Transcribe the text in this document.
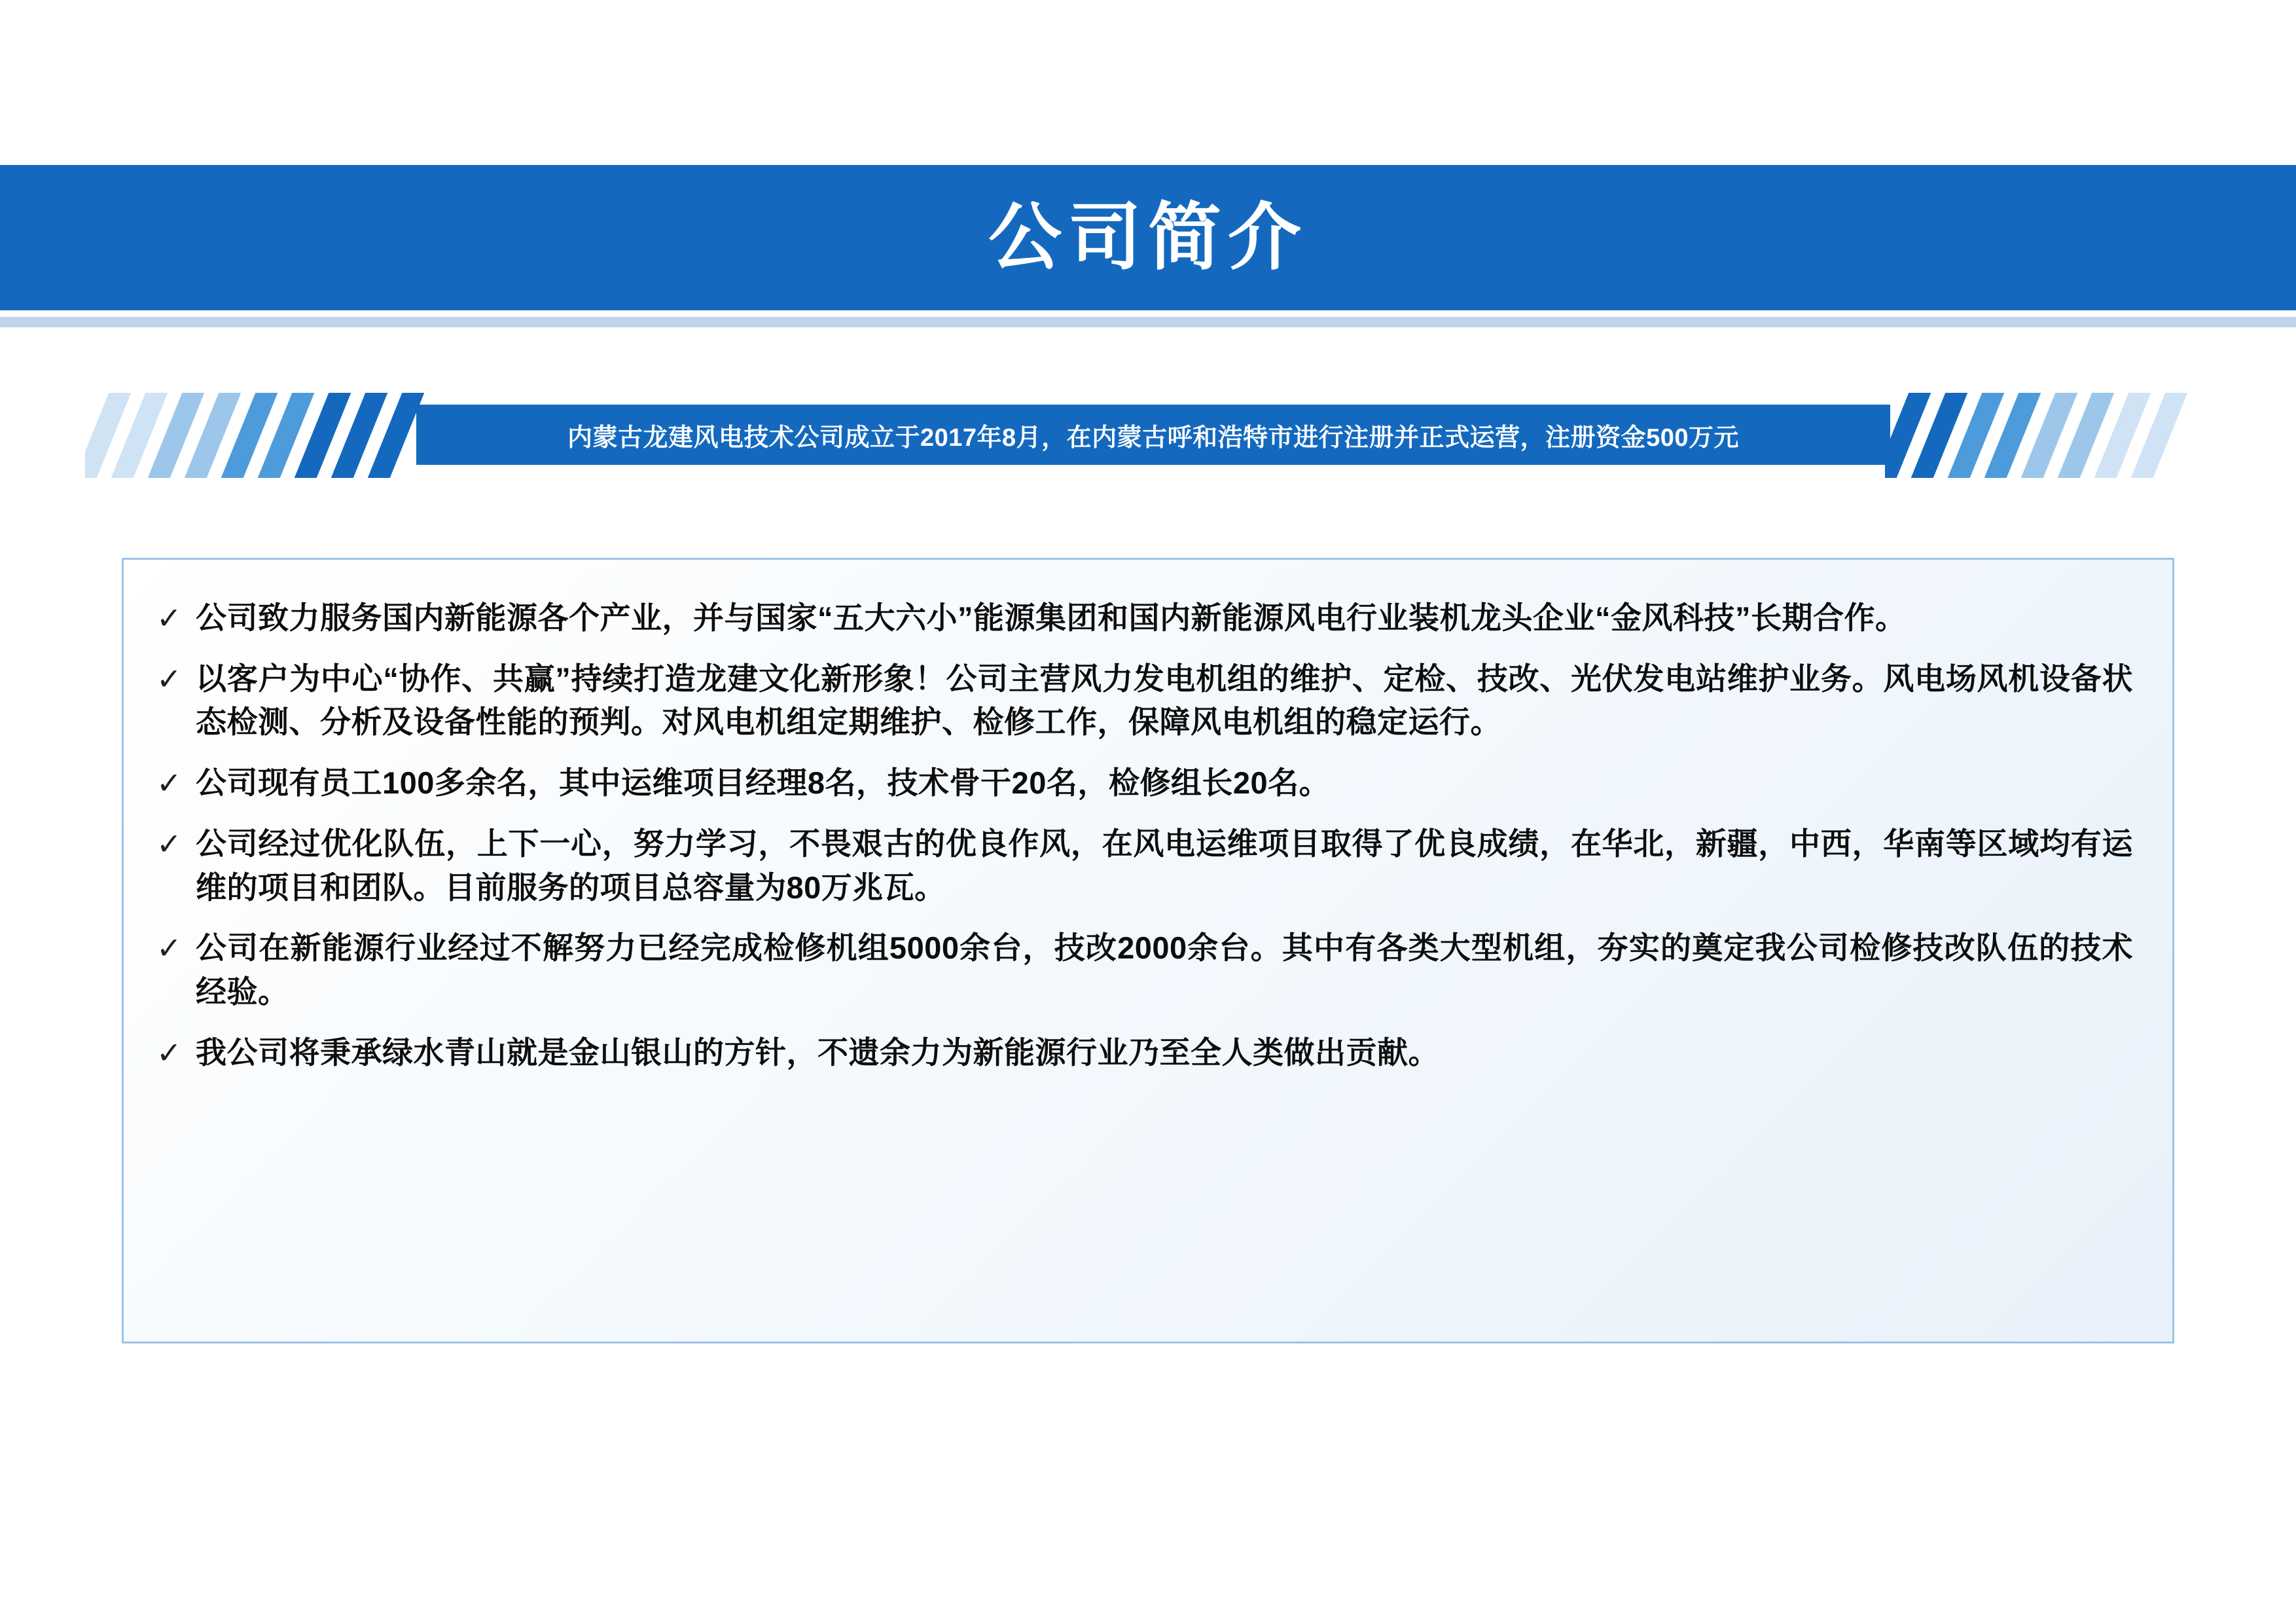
公司简介
内蒙古龙建风电技术公司成立于2017年8月，在内蒙古呼和浩特市进行注册并正式运营，注册资金500万元
✓ 公司致力服务国内新能源各个产业，并与国家“五大六小”能源集团和国内新能源风电行业装机龙头企业“金风科技”长期合作。
✓ 以客户为中心“协作、共赢”持续打造龙建文化新形象！公司主营风力发电机组的维护、定检、技改、光伏发电站维护业务。风电场风机设备状态检测、分析及设备性能的预判。对风电机组定期维护、检修工作，保障风电机组的稳定运行。
✓ 公司现有员工100多余名，其中运维项目经理8名，技术骨干20名，检修组长20名。
✓ 公司经过优化队伍，上下一心，努力学习，不畏艰古的优良作风，在风电运维项目取得了优良成绩，在华北，新疆，中西，华南等区域均有运维的项目和团队。目前服务的项目总容量为80万兆瓦。
✓ 公司在新能源行业经过不解努力已经完成检修机组5000余台，技改2000余台。其中有各类大型机组，夯实的奠定我公司检修技改队伍的技术经验。
✓ 我公司将秉承绿水青山就是金山银山的方针，不遗余力为新能源行业乃至全人类做出贡献。
